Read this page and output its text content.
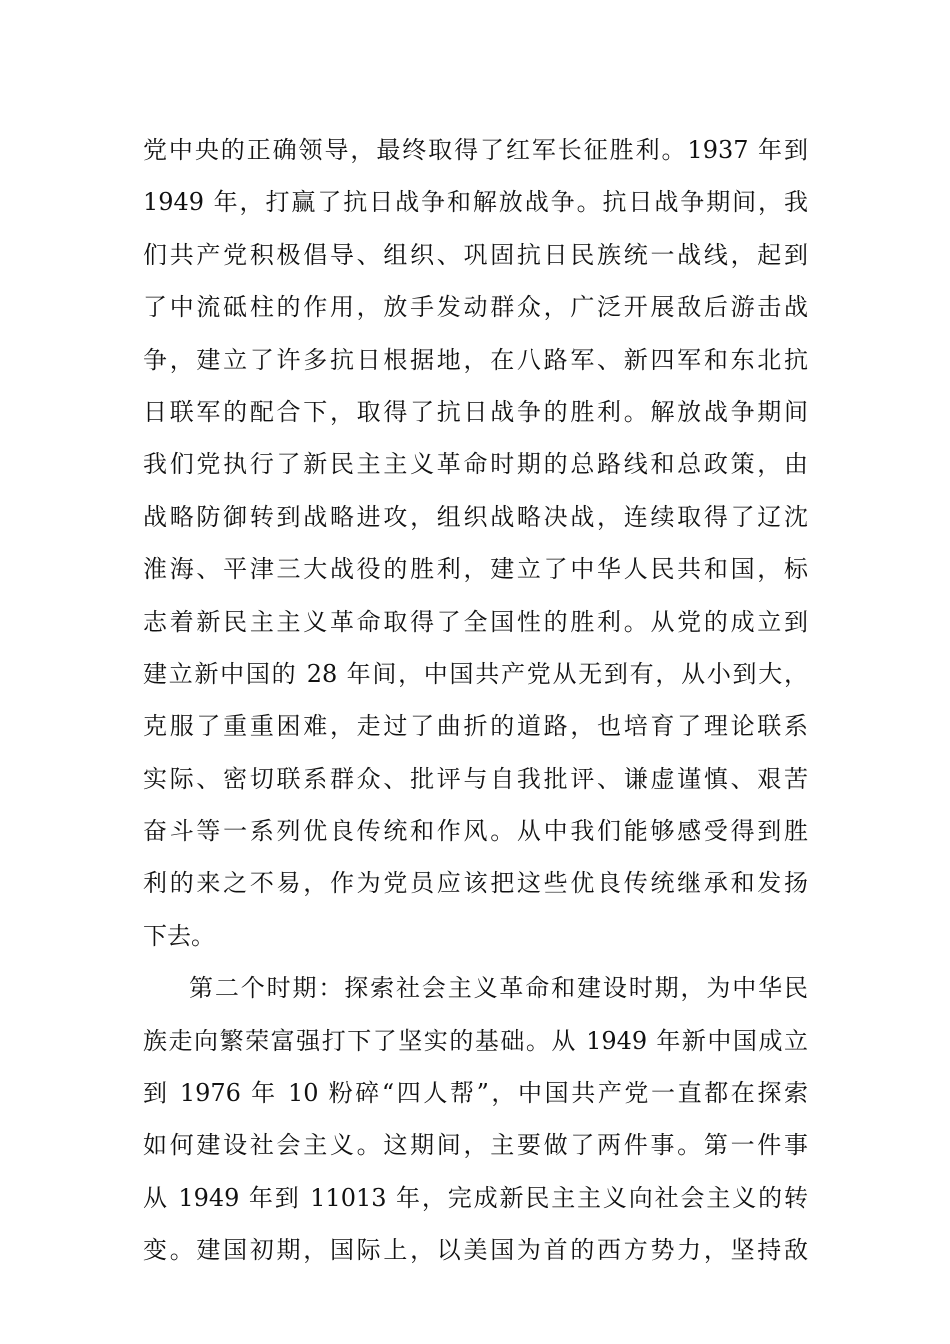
党中央的正确领导，最终取得了红军长征胜利。1937 年到
1949 年，打赢了抗日战争和解放战争。抗日战争期间，我
们共产党积极倡导、组织、巩固抗日民族统一战线，起到
了中流砥柱的作用，放手发动群众，广泛开展敌后游击战
争，建立了许多抗日根据地，在八路军、新四军和东北抗
日联军的配合下，取得了抗日战争的胜利。解放战争期间
我们党执行了新民主主义革命时期的总路线和总政策，由
战略防御转到战略进攻，组织战略决战，连续取得了辽沈
淮海、平津三大战役的胜利，建立了中华人民共和国，标
志着新民主主义革命取得了全国性的胜利。从党的成立到
建立新中国的 28 年间，中国共产党从无到有，从小到大，
克服了重重困难，走过了曲折的道路，也培育了理论联系
实际、密切联系群众、批评与自我批评、谦虚谨慎、艰苦
奋斗等一系列优良传统和作风。从中我们能够感受得到胜
利的来之不易，作为党员应该把这些优良传统继承和发扬
下去。
第二个时期：探索社会主义革命和建设时期，为中华民
族走向繁荣富强打下了坚实的基础。从 1949 年新中国成立
到 1976 年 10 粉碎“四人帮”，中国共产党一直都在探索
如何建设社会主义。这期间，主要做了两件事。第一件事
从 1949 年到 11013 年，完成新民主主义向社会主义的转
变。建国初期，国际上，以美国为首的西方势力，坚持敌
